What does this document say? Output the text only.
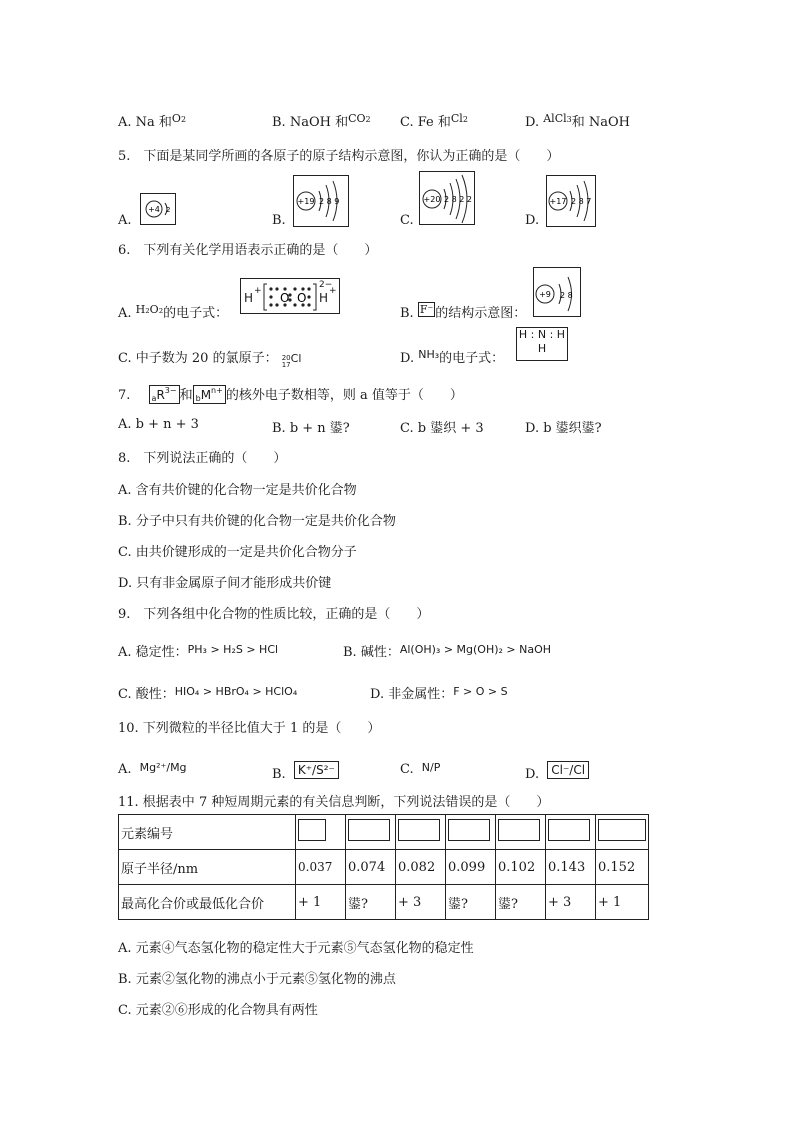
A. Na 和$^{O2}$	B. NaOH 和$^{CO2}$ C. Fe 和$^{Cl2}$	D. $^{AlCl3}$和 NaOH
5.　下面是某同学所画的各原子的原子结构示意图，你认为正确的是（　　）
A.
+4 2
B.
+19 2 8 9
C.
+20 2 8 2 2
D.
+17 2 8 7
6.　下列有关化学用语表示正确的是（　　）
A. $^{H_2O_2}$的电子式：
H + O O
2−
H +
B. F⁻ 的结构示意图：
+9 2 8
C. 中子数为 20 的氯原子： 20
17 Cl	D. $^{NH_3}$的电子式：
H : N : H
H
7.	$aR^{3-}$ 和 $bM^{n+}$ 的核外电子数相等，则 a 值等于（　　）
A. b + n + 3	B. b + n 鍙?	C. b 鍙织 + 3	D. b 鍙织鍙?
8.　下列说法正确的（　　）
A. 含有共价键的化合物一定是共价化合物
B. 分子中只有共价键的化合物一定是共价化合物
C. 由共价键形成的一定是共价化合物分子
D. 只有非金属原子间才能形成共价键
9.　下列各组中化合物的性质比较，正确的是（　　）
A. 稳定性：$^{PH_3 > H_2S > HCl}$	B. 碱性：$^{Al(OH)_3 > Mg(OH)_2 > NaOH}$
C. 酸性：$^{HIO_4 > HBrO_4 > HClO_4}$	D. 非金属性：$^{F > O > S}$
10. 下列微粒的半径比值大于 1 的是（　　）
A. Mg²⁺/Mg	B. K⁺/S²⁻	C. N/P	D. Cl⁻/Cl
11. 根据表中 7 种短周期元素的有关信息判断，下列说法错误的是（　　）
元素编号							
原子半径/nm	0.037	0.074	0.082	0.099	0.102	0.143	0.152
最高化合价或最低化合价	+ 1	鍙?	+ 3	鍙?	鍙?	+ 3	+ 1
A. 元素④气态氢化物的稳定性大于元素⑤气态氢化物的稳定性
B. 元素②氢化物的沸点小于元素⑤氢化物的沸点
C. 元素②⑥形成的化合物具有两性
